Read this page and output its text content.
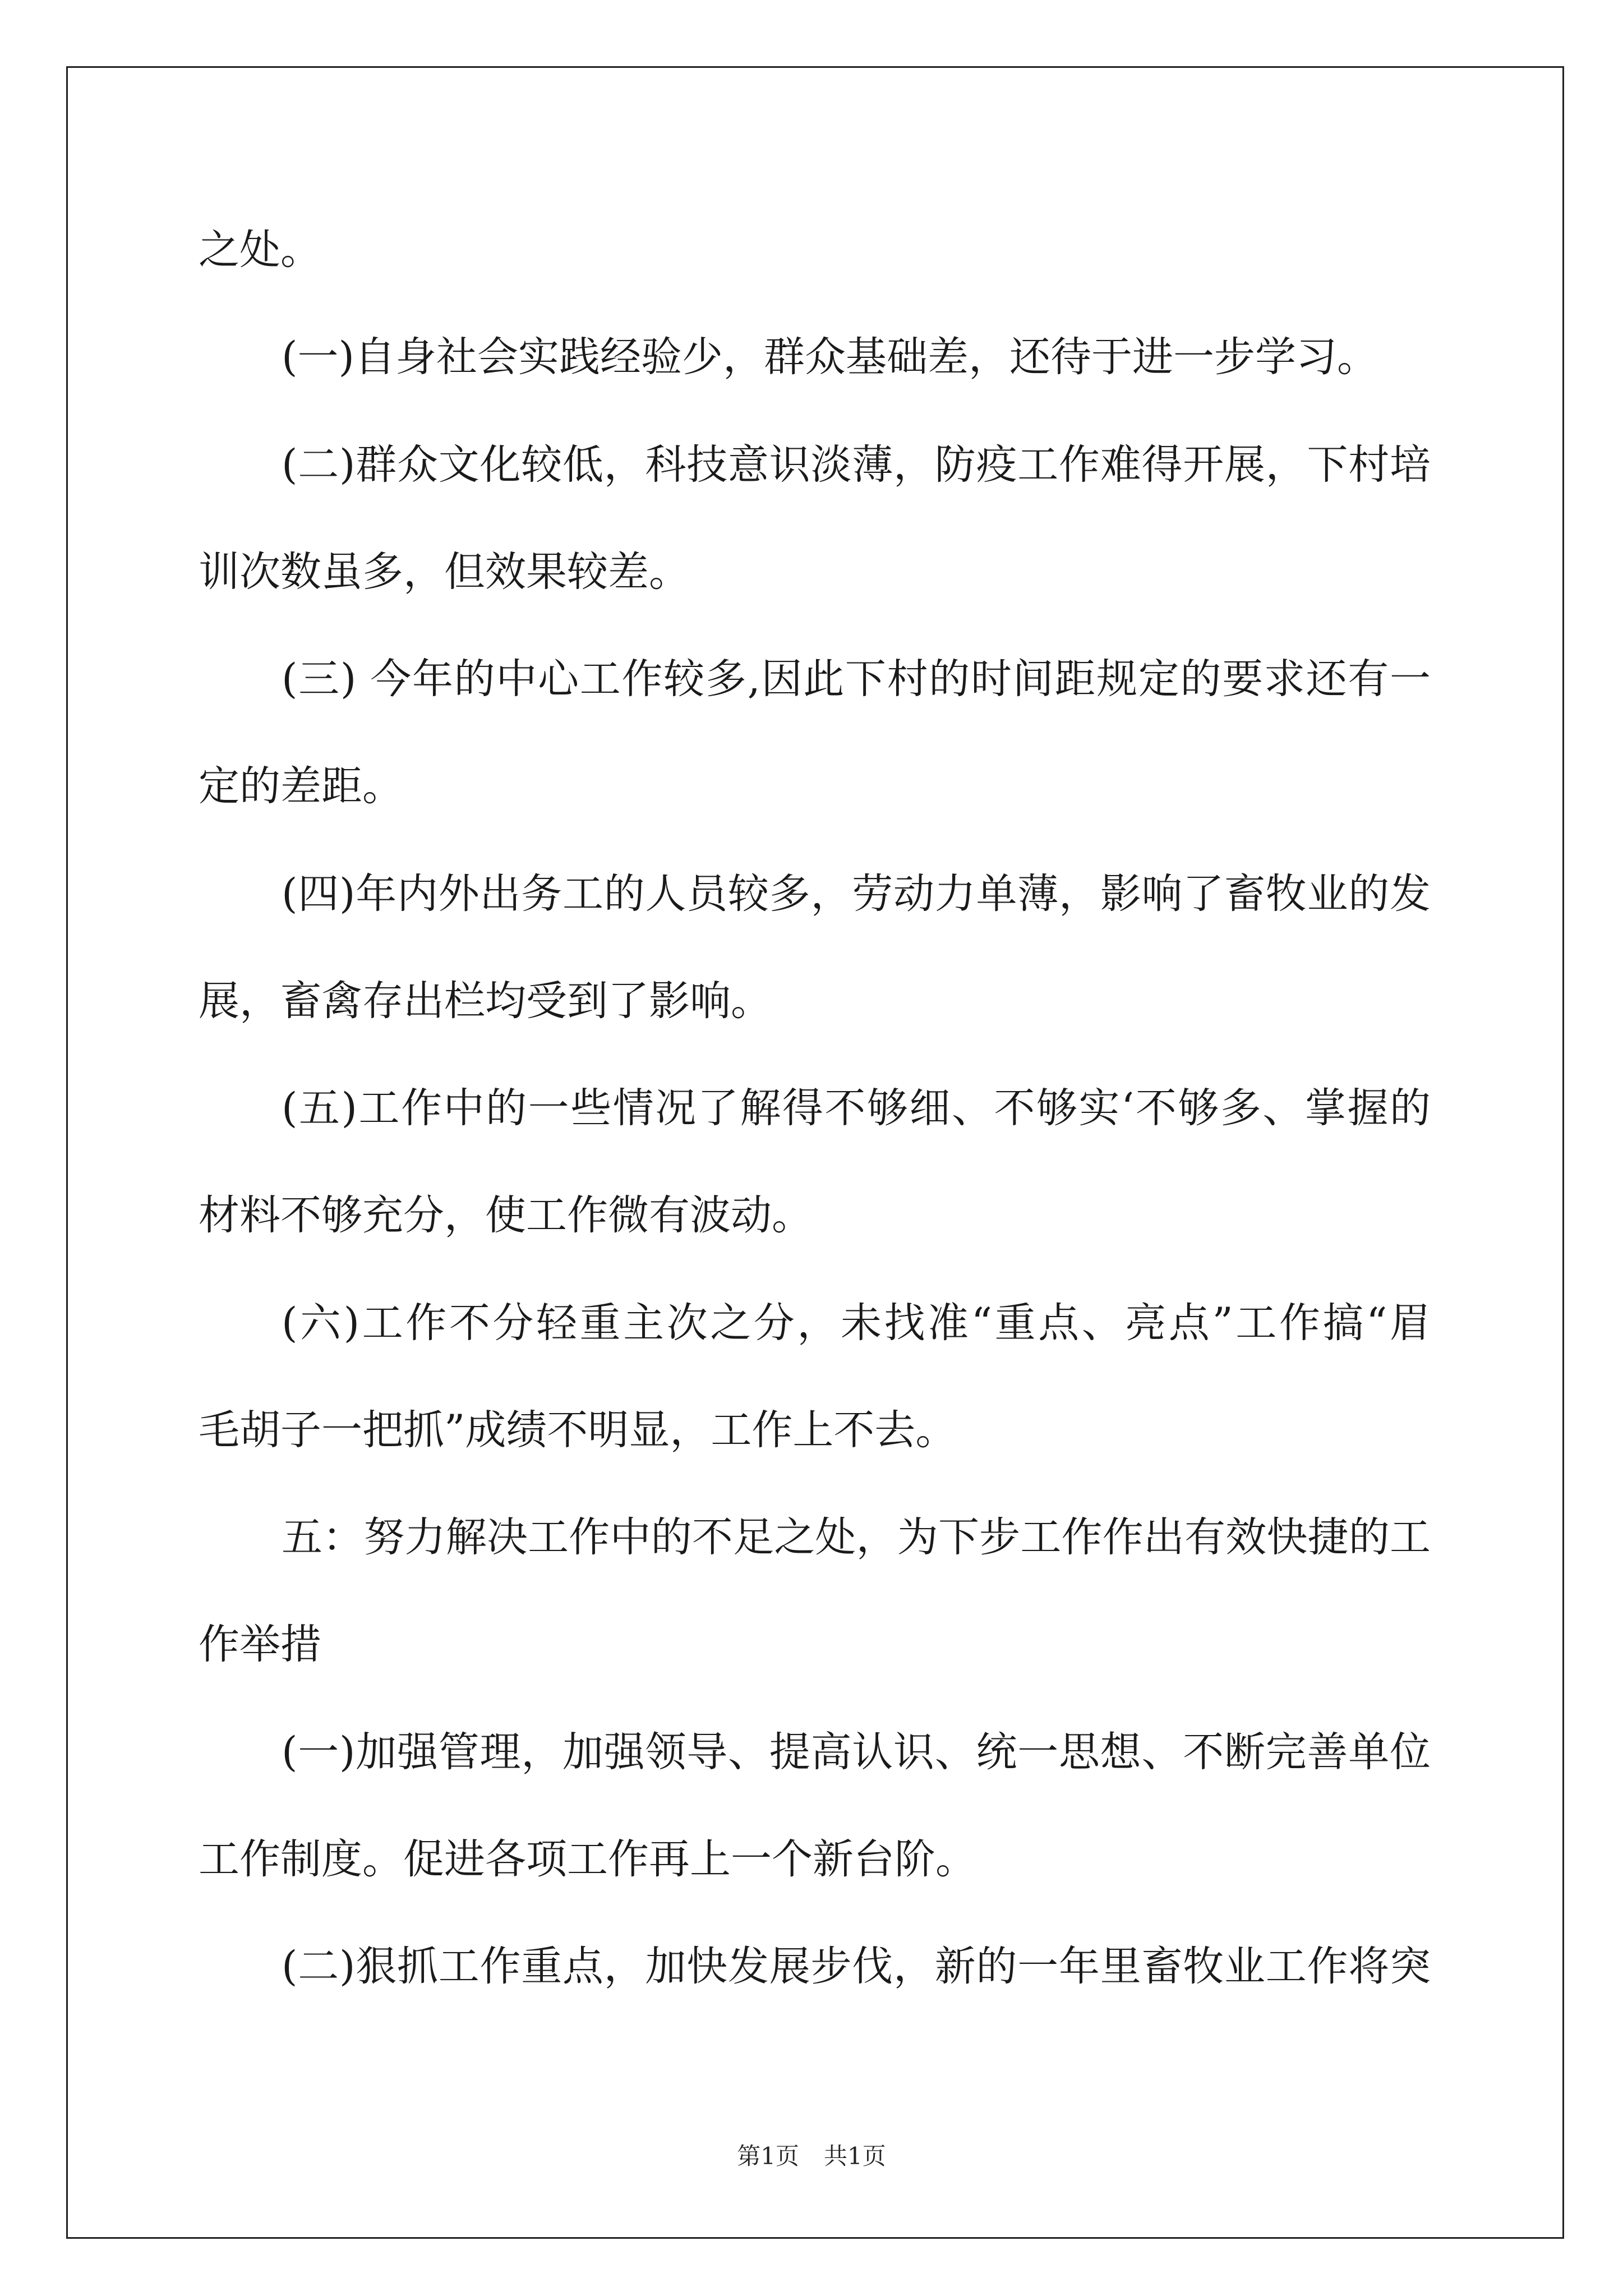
之处。
(一)自身社会实践经验少，群众基础差，还待于进一步学习。
(二)群众文化较低，科技意识淡薄，防疫工作难得开展，下村培
训次数虽多，但效果较差。
(三) 今年的中心工作较多,因此下村的时间距规定的要求还有一
定的差距。
(四)年内外出务工的人员较多，劳动力单薄，影响了畜牧业的发
展，畜禽存出栏均受到了影响。
(五)工作中的一些情况了解得不够细、不够实‘不够多、掌握的
材料不够充分，使工作微有波动。
(六)工作不分轻重主次之分，未找准“重点、亮点”工作搞“眉
毛胡子一把抓”成绩不明显，工作上不去。
五：努力解决工作中的不足之处，为下步工作作出有效快捷的工
作举措
(一)加强管理，加强领导、提高认识、统一思想、不断完善单位
工作制度。促进各项工作再上一个新台阶。
(二)狠抓工作重点，加快发展步伐，新的一年里畜牧业工作将突
第1页 共1页
